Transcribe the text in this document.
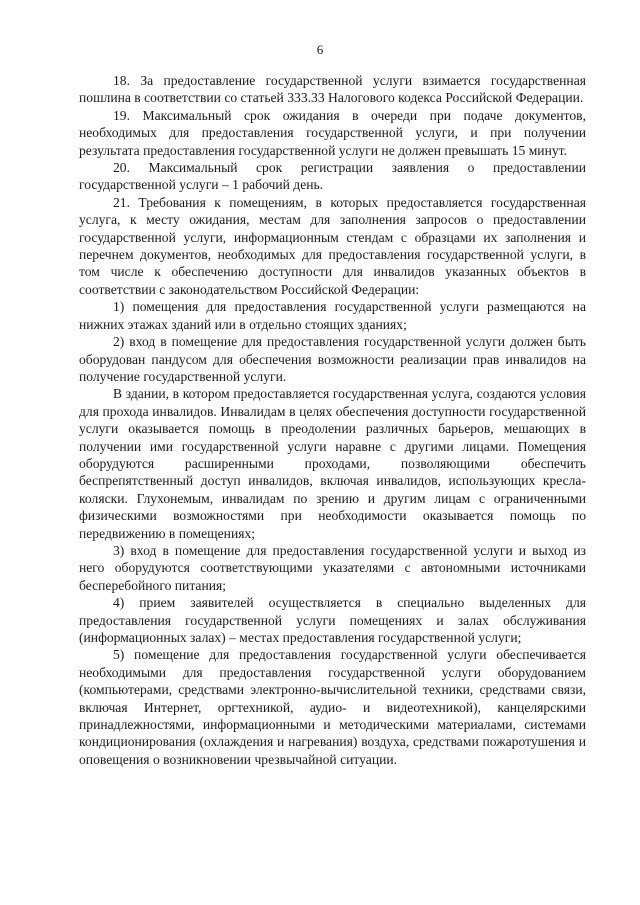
6

18. За предоставление государственной услуги взимается государственная пошлина в соответствии со статьей 333.33 Налогового кодекса Российской Федерации.

19. Максимальный срок ожидания в очереди при подаче документов, необходимых для предоставления государственной услуги, и при получении результата предоставления государственной услуги не должен превышать 15 минут.

20. Максимальный срок регистрации заявления о предоставлении государственной услуги – 1 рабочий день.

21. Требования к помещениям, в которых предоставляется государственная услуга, к месту ожидания, местам для заполнения запросов о предоставлении государственной услуги, информационным стендам с образцами их заполнения и перечнем документов, необходимых для предоставления государственной услуги, в том числе к обеспечению доступности для инвалидов указанных объектов в соответствии с законодательством Российской Федерации:

1) помещения для предоставления государственной услуги размещаются на нижних этажах зданий или в отдельно стоящих зданиях;

2) вход в помещение для предоставления государственной услуги должен быть оборудован пандусом для обеспечения возможности реализации прав инвалидов на получение государственной услуги.

В здании, в котором предоставляется государственная услуга, создаются условия для прохода инвалидов. Инвалидам в целях обеспечения доступности государственной услуги оказывается помощь в преодолении различных барьеров, мешающих в получении ими государственной услуги наравне с другими лицами. Помещения оборудуются расширенными проходами, позволяющими обеспечить беспрепятственный доступ инвалидов, включая инвалидов, использующих кресла-коляски. Глухонемым, инвалидам по зрению и другим лицам с ограниченными физическими возможностями при необходимости оказывается помощь по передвижению в помещениях;

3) вход в помещение для предоставления государственной услуги и выход из него оборудуются соответствующими указателями с автономными источниками бесперебойного питания;

4) прием заявителей осуществляется в специально выделенных для предоставления государственной услуги помещениях и залах обслуживания (информационных залах) – местах предоставления государственной услуги;

5) помещение для предоставления государственной услуги обеспечивается необходимыми для предоставления государственной услуги оборудованием (компьютерами, средствами электронно-вычислительной техники, средствами связи, включая Интернет, оргтехникой, аудио- и видеотехникой), канцелярскими принадлежностями, информационными и методическими материалами, системами кондиционирования (охлаждения и нагревания) воздуха, средствами пожаротушения и оповещения о возникновении чрезвычайной ситуации.
